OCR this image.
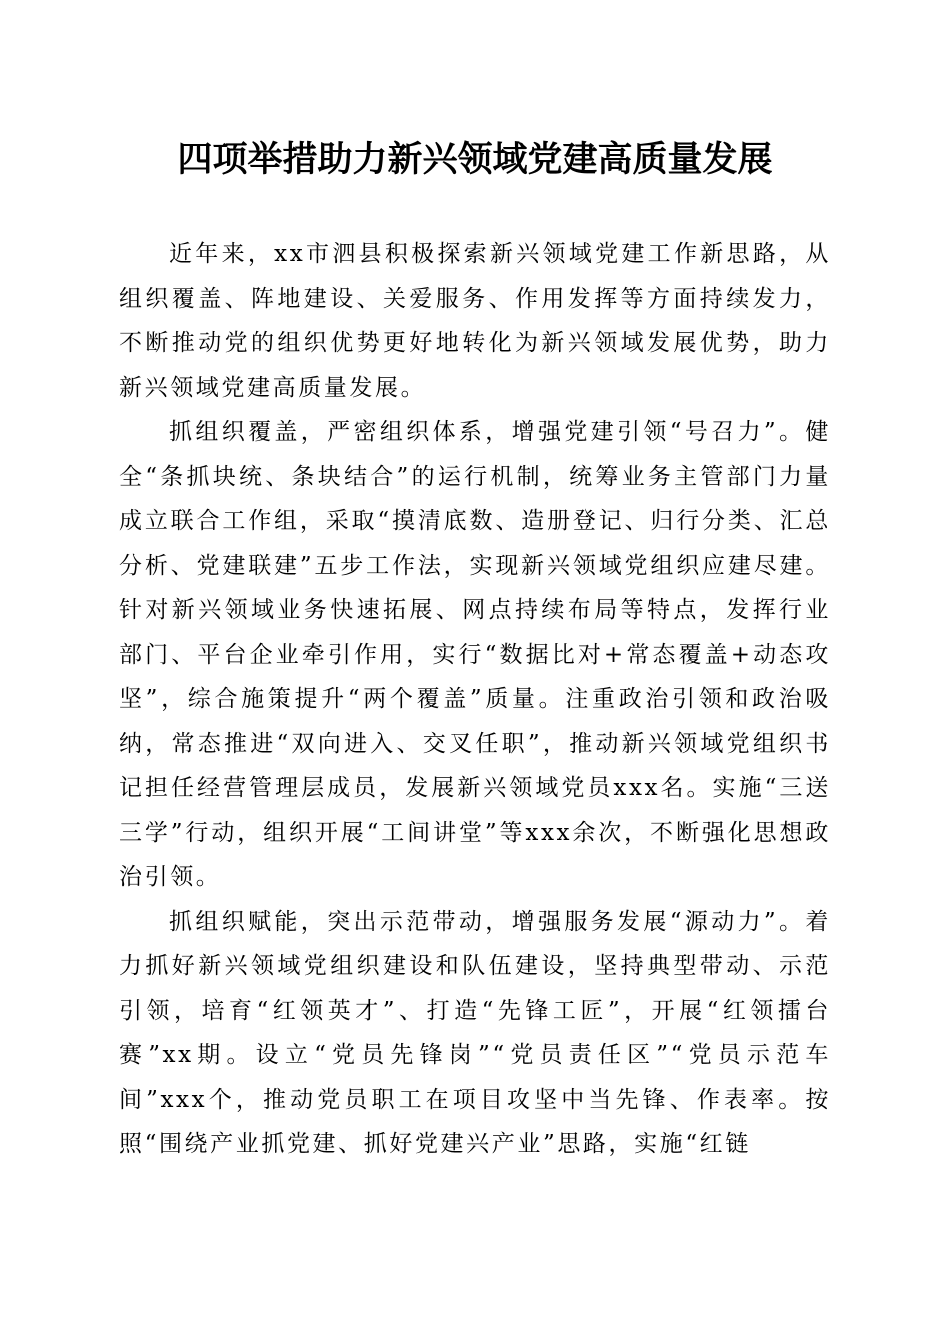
四项举措助力新兴领域党建高质量发展

近年来，xx市泗县积极探索新兴领域党建工作新思路，从组织覆盖、阵地建设、关爱服务、作用发挥等方面持续发力，不断推动党的组织优势更好地转化为新兴领域发展优势，助力新兴领域党建高质量发展。

抓组织覆盖，严密组织体系，增强党建引领“号召力”。健全“条抓块统、条块结合”的运行机制，统筹业务主管部门力量成立联合工作组，采取“摸清底数、造册登记、归行分类、汇总分析、党建联建”五步工作法，实现新兴领域党组织应建尽建。针对新兴领域业务快速拓展、网点持续布局等特点，发挥行业部门、平台企业牵引作用，实行“数据比对+常态覆盖+动态攻坚”，综合施策提升“两个覆盖”质量。注重政治引领和政治吸纳，常态推进“双向进入、交叉任职”，推动新兴领域党组织书记担任经营管理层成员，发展新兴领域党员xxx名。实施“三送三学”行动，组织开展“工间讲堂”等xxx余次，不断强化思想政治引领。

抓组织赋能，突出示范带动，增强服务发展“源动力”。着力抓好新兴领域党组织建设和队伍建设，坚持典型带动、示范引领，培育“红领英才”、打造“先锋工匠”，开展“红领擂台赛”xx期。设立“党员先锋岗”“党员责任区”“党员示范车间”xxx个，推动党员职工在项目攻坚中当先锋、作表率。按照“围绕产业抓党建、抓好党建兴产业”思路，实施“红链
